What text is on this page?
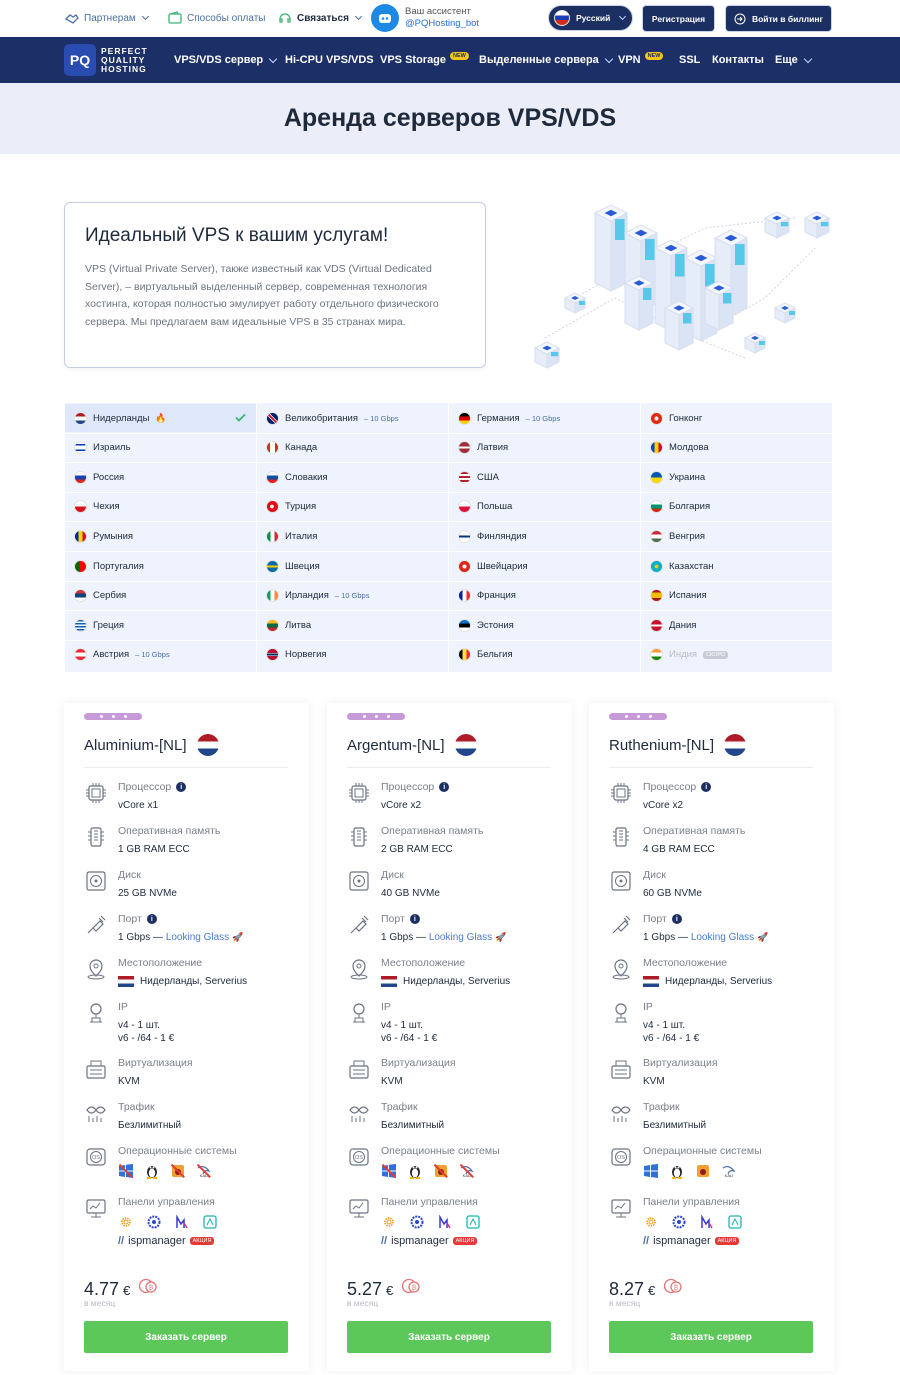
Партнерам	Способы оплаты	Связаться
Ваш ассистент
@PQHosting_bot	Русский	Регистрация	Войти в биллинг
PQ
PERFECT
QUALITY
HOSTING
VPS/VDS сервер Hi-CPU VPS/VDS VPS Storage	NEW Выделенные сервера VPN	NEW SSL Контакты Еще
Аренда серверов VPS/VDS
Идеальный VPS к вашим услугам!

VPS (Virtual Private Server), также известный как VDS (Virtual Dedicated Server), – виртуальный выделенный сервер, современная технология хостинга, которая полностью эмулирует работу отдельного физического сервера. Мы предлагаем вам идеальные VPS в 35 странах мира.

Нидерланды 🔥	Великобритания – 10 Gbps	Германия – 10 Gbps	Гонконг
Израиль	Канада	Латвия	Молдова
Россия	Словакия	США	Украина
Чехия	Турция	Польша	Болгария
Румыния	Италия	Финляндия	Венгрия
Португалия	Швеция	Швейцария	Казахстан
Сербия	Ирландия – 10 Gbps	Франция	Испания
Греция	Литва	Эстония	Дания
Австрия – 10 Gbps	Норвегия	Бельгия	Индия	СКОРО
Aluminium-[NL]
Процессор	i
vCore x1
Оперативная память
1 GB RAM ECC
Диск
25 GB NVMe
Порт	i
1 Gbps — Looking Glass 🚀
Местоположение
Нидерланды, Serverius
IP
v4 - 1 шт.
v6 - /64 - 1 €
Виртуализация
KVM
Трафик
Безлимитный
OS
Операционные системы
KALI
Панели управления
// ispmanager	АКЦИЯ
4.77 €	₿
в месяц
Заказать сервер
Argentum-[NL]
Процессор	i
vCore x2
Оперативная память
2 GB RAM ECC
Диск
40 GB NVMe
Порт	i
1 Gbps — Looking Glass 🚀
Местоположение
Нидерланды, Serverius
IP
v4 - 1 шт.
v6 - /64 - 1 €
Виртуализация
KVM
Трафик
Безлимитный
OS
Операционные системы
KALI
Панели управления
// ispmanager	АКЦИЯ
5.27 €	₿
в месяц
Заказать сервер
Ruthenium-[NL]
Процессор	i
vCore x2
Оперативная память
4 GB RAM ECC
Диск
60 GB NVMe
Порт	i
1 Gbps — Looking Glass 🚀
Местоположение
Нидерланды, Serverius
IP
v4 - 1 шт.
v6 - /64 - 1 €
Виртуализация
KVM
Трафик
Безлимитный
OS
Операционные системы
KALI
Панели управления
// ispmanager	АКЦИЯ
8.27 €	₿
в месяц
Заказать сервер
